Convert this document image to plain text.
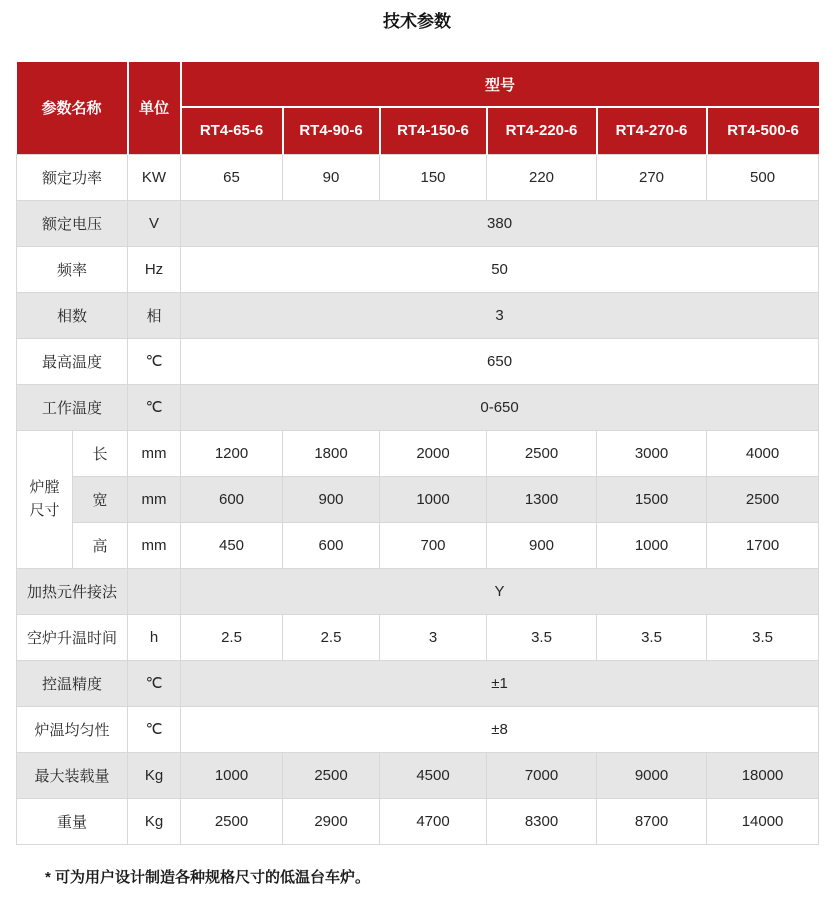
技术参数
参数名称		单位	型号					
			RT4-65-6	RT4-90-6	RT4-150-6	RT4-220-6	RT4-270-6	RT4-500-6
额定功率		KW	65	90	150	220	270	500
额定电压		V	380					
频率		Hz	50					
相数		相	3					
最高温度		℃	650					
工作温度		℃	0-650					

炉膛尺寸	长	mm	1200	1800	2000	2500	3000	4000
	宽	mm	600	900	1000	1300	1500	2500
	高	mm	450	600	700	900	1000	1700
加热元件接法			Y					
空炉升温时间		h	2.5	2.5	3	3.5	3.5	3.5
控温精度		℃	±1					
炉温均匀性		℃	±8					
最大装载量		Kg	1000	2500	4500	7000	9000	18000
重量		Kg	2500	2900	4700	8300	8700	14000
* 可为用户设计制造各种规格尺寸的低温台车炉。
